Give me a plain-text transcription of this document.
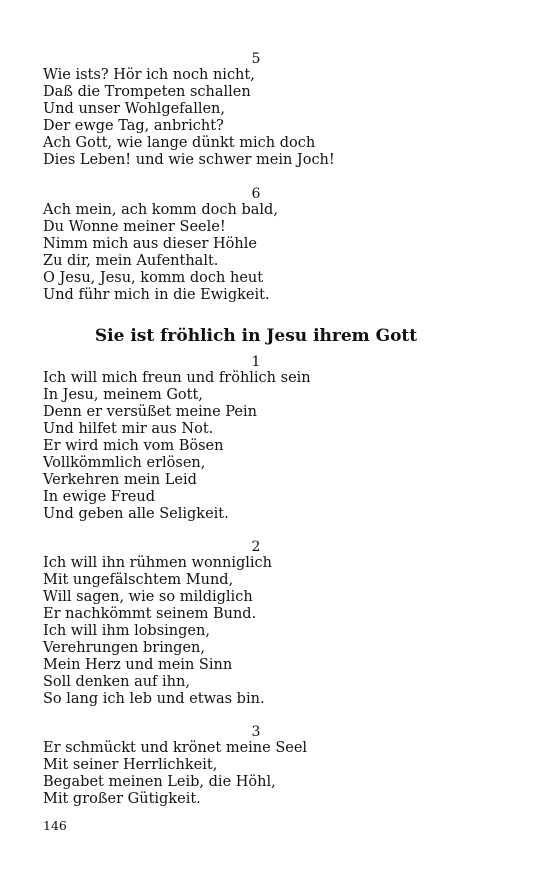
5
Wie ists? Hör ich noch nicht,
Daß die Trompeten schallen
Und unser Wohlgefallen,
Der ewge Tag, anbricht?
Ach Gott, wie lange dünkt mich doch
Dies Leben! und wie schwer mein Joch!
6
Ach mein, ach komm doch bald,
Du Wonne meiner Seele!
Nimm mich aus dieser Höhle
Zu dir, mein Aufenthalt.
O Jesu, Jesu, komm doch heut
Und führ mich in die Ewigkeit.
Sie ist fröhlich in Jesu ihrem Gott
1
Ich will mich freun und fröhlich sein
In Jesu, meinem Gott,
Denn er versüßet meine Pein
Und hilfet mir aus Not.
Er wird mich vom Bösen
Vollkömmlich erlösen,
Verkehren mein Leid
In ewige Freud
Und geben alle Seligkeit.
2
Ich will ihn rühmen wonniglich
Mit ungefälschtem Mund,
Will sagen, wie so mildiglich
Er nachkömmt seinem Bund.
Ich will ihm lobsingen,
Verehrungen bringen,
Mein Herz und mein Sinn
Soll denken auf ihn,
So lang ich leb und etwas bin.
3
Er schmückt und krönet meine Seel
Mit seiner Herrlichkeit,
Begabet meinen Leib, die Höhl,
Mit großer Gütigkeit.
146
